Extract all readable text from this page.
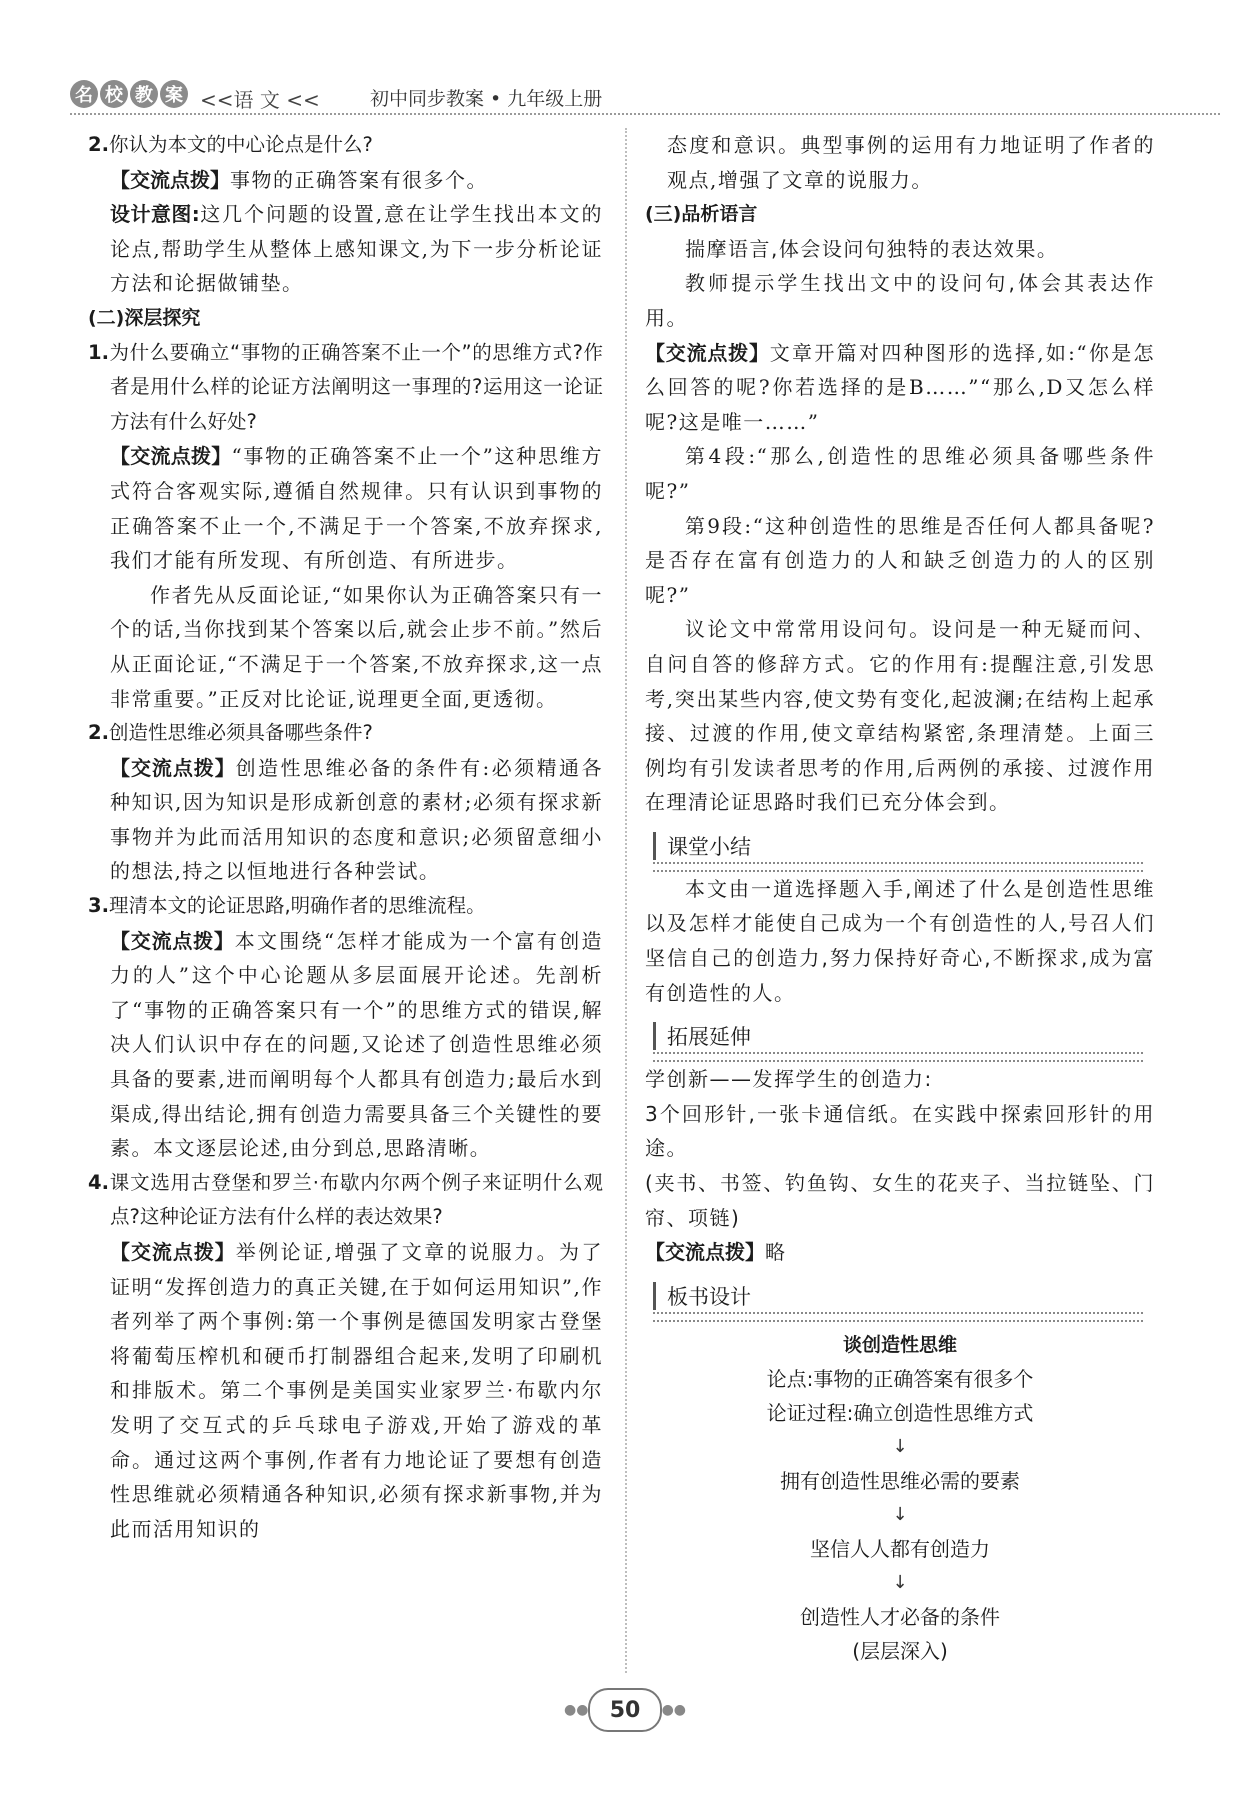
名 校 教 案 <<语 文 <<	初中同步教案 • 九年级上册

2.你认为本文的中心论点是什么?

【交流点拨】事物的正确答案有很多个。

设计意图:这几个问题的设置,意在让学生找出本文的论点,帮助学生从整体上感知课文,为下一步分析论证方法和论据做铺垫。

(二)深层探究

1.为什么要确立“事物的正确答案不止一个”的思维方式?作者是用什么样的论证方法阐明这一事理的?运用这一论证方法有什么好处?

【交流点拨】“事物的正确答案不止一个”这种思维方式符合客观实际,遵循自然规律。只有认识到事物的正确答案不止一个,不满足于一个答案,不放弃探求,我们才能有所发现、有所创造、有所进步。

作者先从反面论证,“如果你认为正确答案只有一个的话,当你找到某个答案以后,就会止步不前。”然后从正面论证,“不满足于一个答案,不放弃探求,这一点非常重要。”正反对比论证,说理更全面,更透彻。

2.创造性思维必须具备哪些条件?

【交流点拨】创造性思维必备的条件有:必须精通各种知识,因为知识是形成新创意的素材;必须有探求新事物并为此而活用知识的态度和意识;必须留意细小的想法,持之以恒地进行各种尝试。

3.理清本文的论证思路,明确作者的思维流程。

【交流点拨】本文围绕“怎样才能成为一个富有创造力的人”这个中心论题从多层面展开论述。先剖析了“事物的正确答案只有一个”的思维方式的错误,解决人们认识中存在的问题,又论述了创造性思维必须具备的要素,进而阐明每个人都具有创造力;最后水到渠成,得出结论,拥有创造力需要具备三个关键性的要素。本文逐层论述,由分到总,思路清晰。

4.课文选用古登堡和罗兰·布歇内尔两个例子来证明什么观点?这种论证方法有什么样的表达效果?

【交流点拨】举例论证,增强了文章的说服力。为了证明“发挥创造力的真正关键,在于如何运用知识”,作者列举了两个事例:第一个事例是德国发明家古登堡将葡萄压榨机和硬币打制器组合起来,发明了印刷机和排版术。第二个事例是美国实业家罗兰·布歇内尔发明了交互式的乒乓球电子游戏,开始了游戏的革命。通过这两个事例,作者有力地论证了要想有创造性思维就必须精通各种知识,必须有探求新事物,并为此而活用知识的

态度和意识。典型事例的运用有力地证明了作者的观点,增强了文章的说服力。

(三)品析语言

揣摩语言,体会设问句独特的表达效果。

教师提示学生找出文中的设问句,体会其表达作用。

【交流点拨】文章开篇对四种图形的选择,如:“你是怎么回答的呢?你若选择的是B……”“那么,D又怎么样呢?这是唯一……”

第4段:“那么,创造性的思维必须具备哪些条件呢?”

第9段:“这种创造性的思维是否任何人都具备呢?是否存在富有创造力的人和缺乏创造力的人的区别呢?”

议论文中常常用设问句。设问是一种无疑而问、自问自答的修辞方式。它的作用有:提醒注意,引发思考,突出某些内容,使文势有变化,起波澜;在结构上起承接、过渡的作用,使文章结构紧密,条理清楚。上面三例均有引发读者思考的作用,后两例的承接、过渡作用在理清论证思路时我们已充分体会到。

课堂小结

本文由一道选择题入手,阐述了什么是创造性思维以及怎样才能使自己成为一个有创造性的人,号召人们坚信自己的创造力,努力保持好奇心,不断探求,成为富有创造性的人。

拓展延伸

学创新——发挥学生的创造力:

3个回形针,一张卡通信纸。在实践中探索回形针的用途。

(夹书、书签、钓鱼钩、女生的花夹子、当拉链坠、门帘、项链)

【交流点拨】略

板书设计
谈创造性思维
论点:事物的正确答案有很多个
论证过程:确立创造性思维方式
↓
拥有创造性思维必需的要素
↓
坚信人人都有创造力
↓
创造性人才必备的条件
(层层深入)
●● 50	●●
